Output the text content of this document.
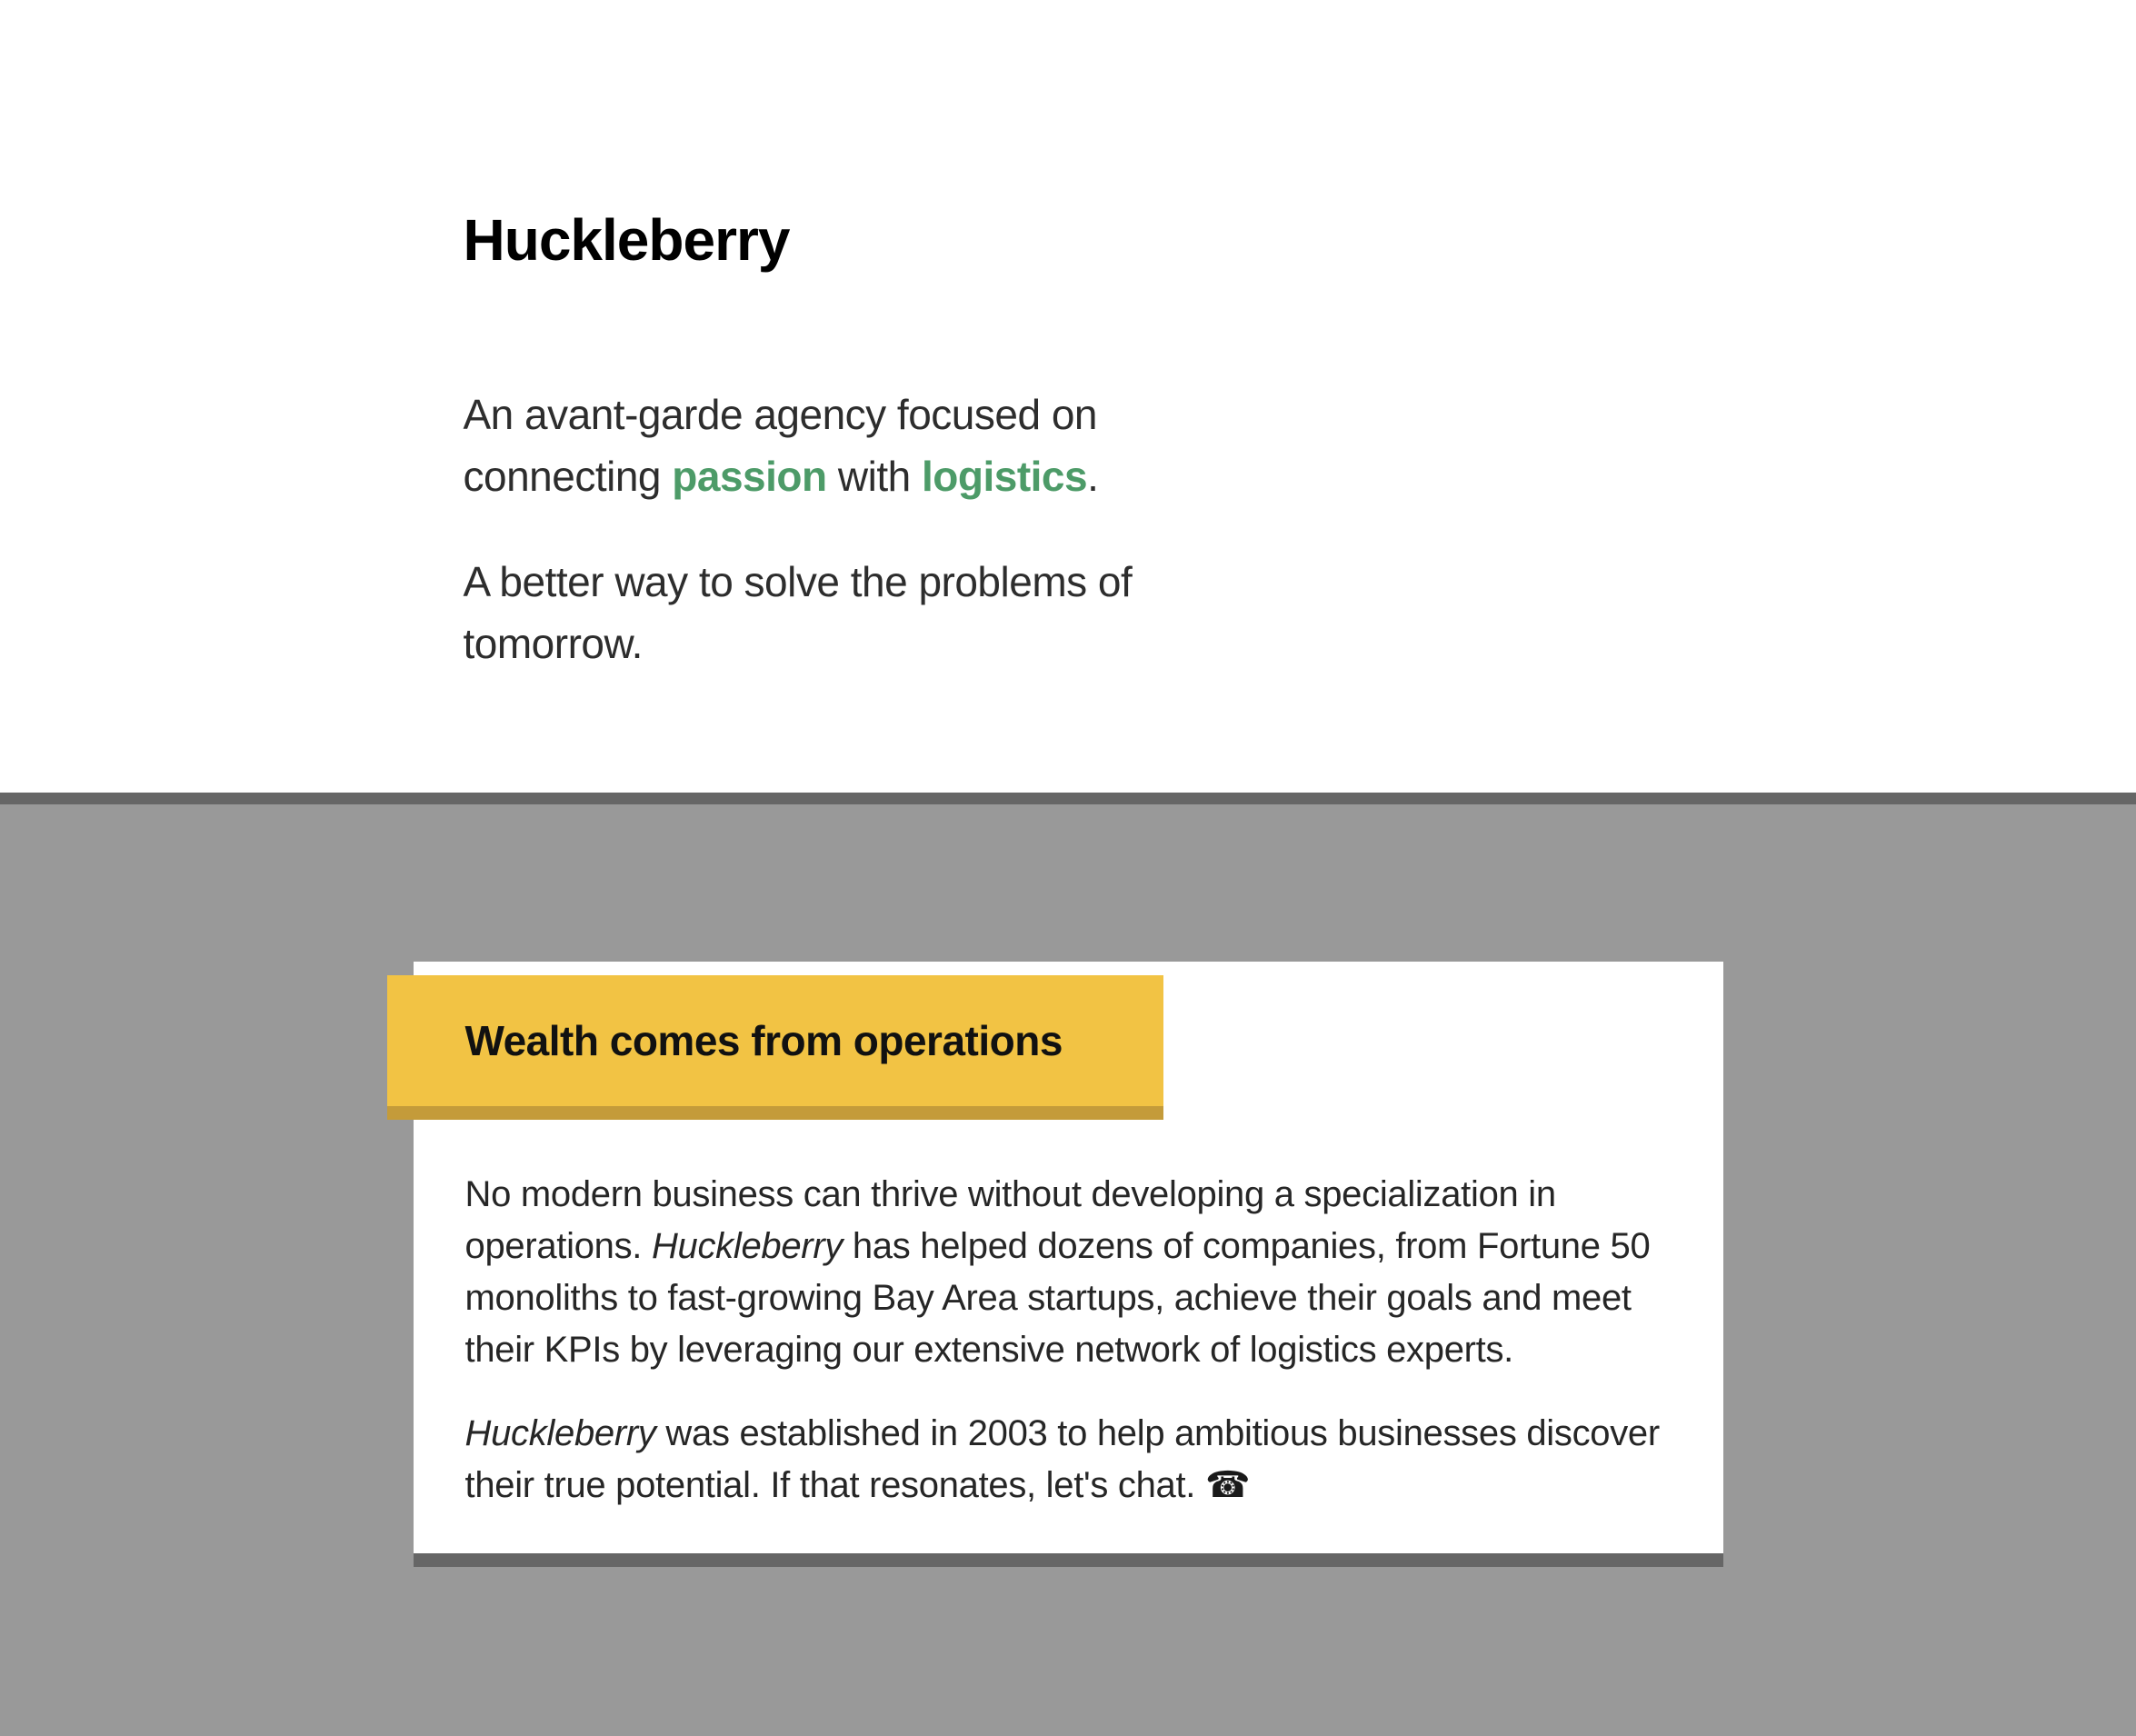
Huckleberry

An avant-garde agency focused on
connecting passion with logistics.

A better way to solve the problems of
tomorrow.

Wealth comes from operations

No modern business can thrive without developing a specialization in
operations. Huckleberry has helped dozens of companies, from Fortune 50
monoliths to fast-growing Bay Area startups, achieve their goals and meet
their KPIs by leveraging our extensive network of logistics experts.

Huckleberry was established in 2003 to help ambitious businesses discover
their true potential. If that resonates, let's chat. ☎
